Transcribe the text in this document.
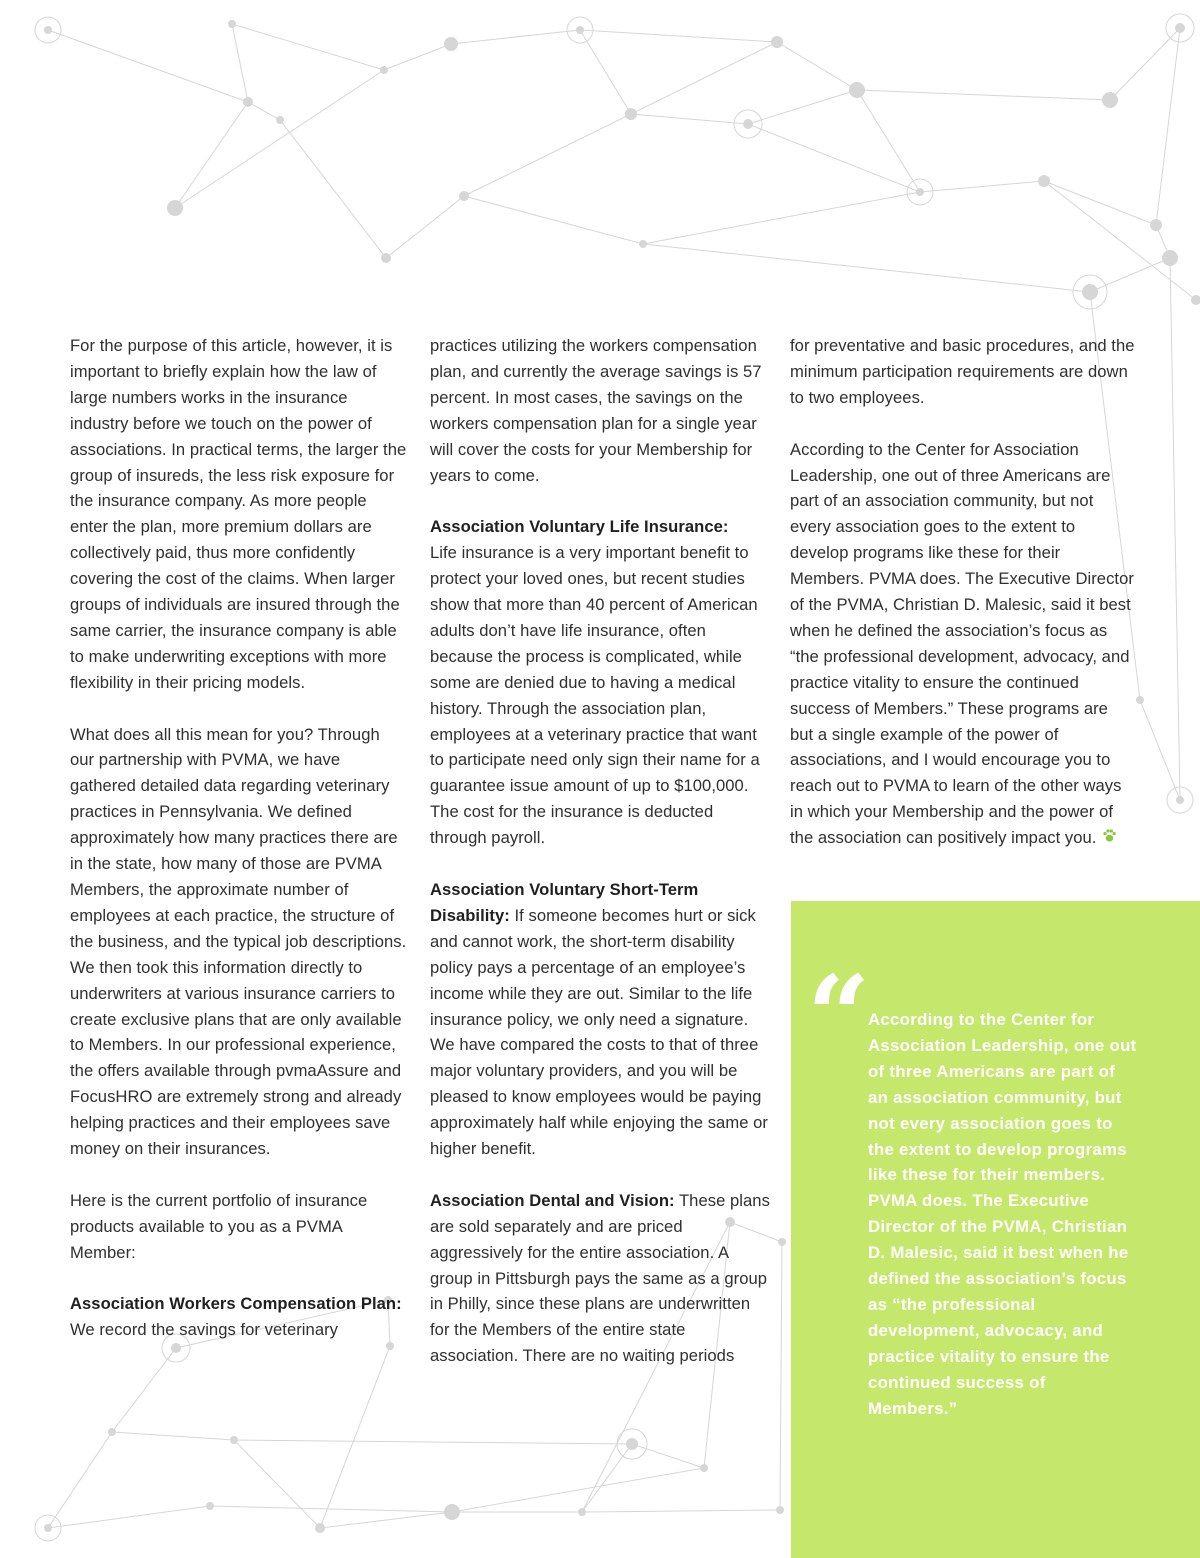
For the purpose of this article, however, it is important to briefly explain how the law of large numbers works in the insurance industry before we touch on the power of associations. In practical terms, the larger the group of insureds, the less risk exposure for the insurance company. As more people enter the plan, more premium dollars are collectively paid, thus more confidently covering the cost of the claims. When larger groups of individuals are insured through the same carrier, the insurance company is able to make underwriting exceptions with more flexibility in their pricing models.

What does all this mean for you? Through our partnership with PVMA, we have gathered detailed data regarding veterinary practices in Pennsylvania. We defined approximately how many practices there are in the state, how many of those are PVMA Members, the approximate number of employees at each practice, the structure of the business, and the typical job descriptions. We then took this information directly to underwriters at various insurance carriers to create exclusive plans that are only available to Members. In our professional experience, the offers available through pvmaAssure and FocusHRO are extremely strong and already helping practices and their employees save money on their insurances.

Here is the current portfolio of insurance products available to you as a PVMA Member:

Association Workers Compensation Plan: We record the savings for veterinary

practices utilizing the workers compensation plan, and currently the average savings is 57 percent. In most cases, the savings on the workers compensation plan for a single year will cover the costs for your Membership for years to come.

Association Voluntary Life Insurance:
Life insurance is a very important benefit to protect your loved ones, but recent studies show that more than 40 percent of American adults don’t have life insurance, often because the process is complicated, while some are denied due to having a medical history. Through the association plan, employees at a veterinary practice that want to participate need only sign their name for a guarantee issue amount of up to $100,000. The cost for the insurance is deducted through payroll.

Association Voluntary Short-Term Disability: If someone becomes hurt or sick and cannot work, the short-term disability policy pays a percentage of an employee’s income while they are out. Similar to the life insurance policy, we only need a signature. We have compared the costs to that of three major voluntary providers, and you will be pleased to know employees would be paying approximately half while enjoying the same or higher benefit.

Association Dental and Vision: These plans are sold separately and are priced aggressively for the entire association. A group in Pittsburgh pays the same as a group in Philly, since these plans are underwritten for the Members of the entire state association. There are no waiting periods

for preventative and basic procedures, and the minimum participation requirements are down to two employees.

According to the Center for Association Leadership, one out of three Americans are part of an association community, but not every association goes to the extent to develop programs like these for their Members. PVMA does. The Executive Director of the PVMA, Christian D. Malesic, said it best when he defined the association’s focus as “the professional development, advocacy, and practice vitality to ensure the continued success of Members.” These programs are but a single example of the power of associations, and I would encourage you to reach out to PVMA to learn of the other ways in which your Membership and the power of the association can positively impact you.

“
According to the Center for Association Leadership, one out of three Americans are part of an association community, but not every association goes to the extent to develop programs like these for their members. PVMA does. The Executive Director of the PVMA, Christian D. Malesic, said it best when he defined the association’s focus as “the professional development, advocacy, and practice vitality to ensure the continued success of Members.”
